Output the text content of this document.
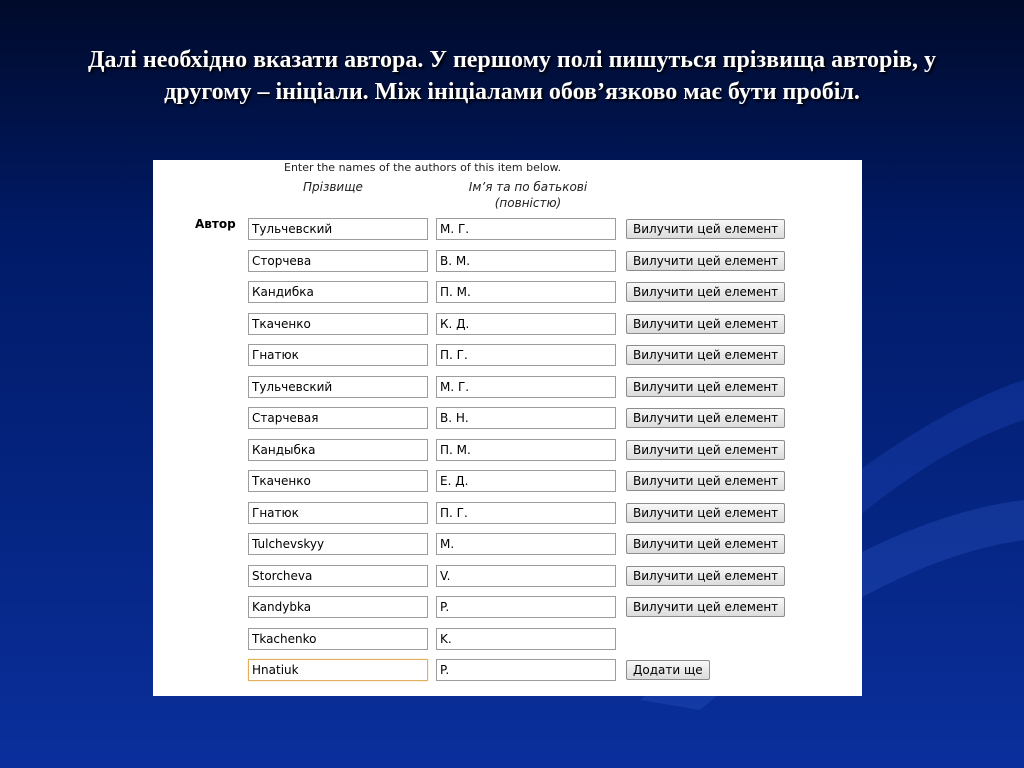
Далі необхідно вказати автора. У першому полі пишуться прізвища авторів, у другому – ініціали. Між ініціалами обов’язково має бути пробіл.
Enter the names of the authors of this item below.
Прізвище	Ім’я та по батькові (повністю)
Автор
Тульчевский
М. Г.	Вилучити цей елемент
Сторчева
В. М.
Вилучити цей елемент
Кандибка
П. М.
Вилучити цей елемент
Ткаченко
К. Д.
Вилучити цей елемент
Гнатюк
П. Г.
Вилучити цей елемент
Тульчевский
М. Г.
Вилучити цей елемент
Старчевая
В. Н.
Вилучити цей елемент
Кандыбка
П. М.
Вилучити цей елемент
Ткаченко
Е. Д.
Вилучити цей елемент
Гнатюк
П. Г.
Вилучити цей елемент
Tulchevskyy
M.
Вилучити цей елемент
Storcheva
V.
Вилучити цей елемент
Kandybka
P.
Вилучити цей елемент
Tkachenko
K.
Hnatiuk
P.
Додати ще
